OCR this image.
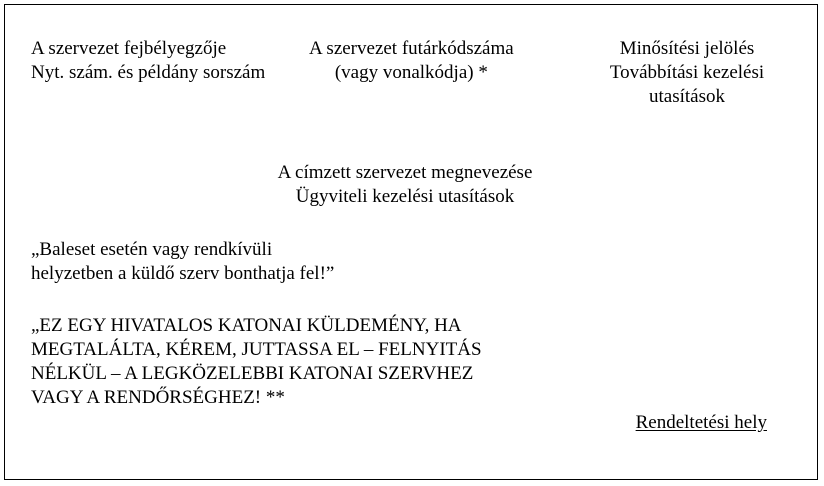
A szervezet fejbélyegzője
Nyt. szám. és példány sorszám
A szervezet futárkódszáma
(vagy vonalkódja) *
Minősítési jelölés
Továbbítási kezelési
utasítások
A címzett szervezet megnevezése
Ügyviteli kezelési utasítások
„Baleset esetén vagy rendkívüli
helyzetben a küldő szerv bonthatja fel!”
„EZ EGY HIVATALOS KATONAI KÜLDEMÉNY, HA
MEGTALÁLTA, KÉREM, JUTTASSA EL – FELNYITÁS
NÉLKÜL – A LEGKÖZELEBBI KATONAI SZERVHEZ
VAGY A RENDŐRSÉGHEZ! **
Rendeltetési hely
